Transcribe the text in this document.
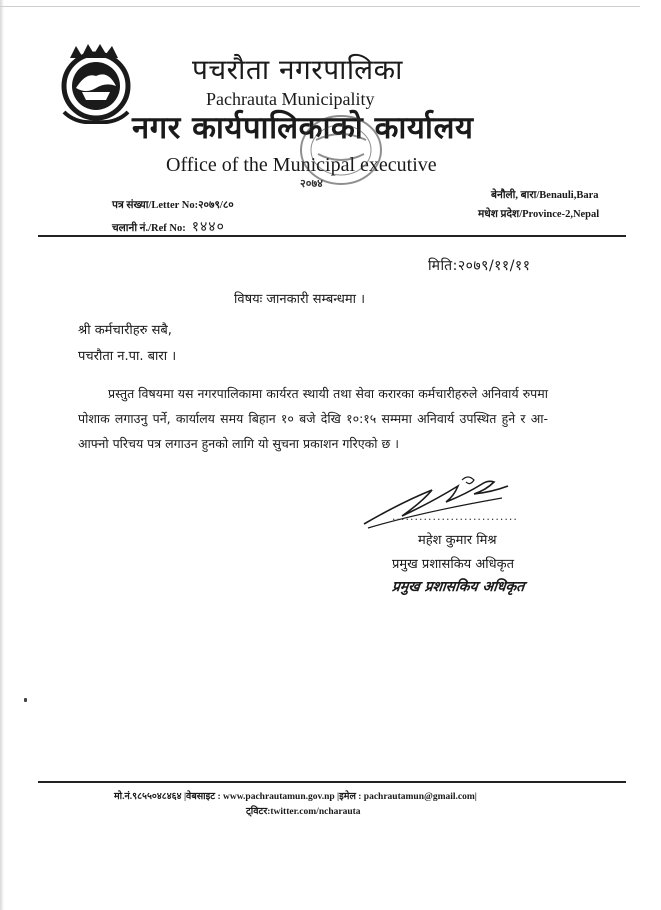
पचरौता नगरपालिका
Pachrauta Municipality
नगर कार्यपालिकाको कार्यालय
Office of the Municipal executive
२०७४
पत्र संख्या/Letter No:२०७९/८०
चलानी नं./Ref No: १४४०
बेनौली, बारा/Benauli,Bara
मधेश प्रदेश/Province-2,Nepal
मिति:२०७९/११/११
विषयः जानकारी सम्बन्धमा ।
श्री कर्मचारीहरु सबै,
पचरौता न.पा. बारा ।
प्रस्तुत विषयमा यस नगरपालिकामा कार्यरत स्थायी तथा सेवा करारका कर्मचारीहरुले अनिवार्य रुपमा पोशाक लगाउनु पर्ने, कार्यालय समय बिहान १० बजे देखि १०:१५ सम्ममा अनिवार्य उपस्थित हुने र आ-आफ्नो परिचय पत्र लगाउन हुनको लागि यो सुचना प्रकाशन गरिएको छ ।
............................
महेश कुमार मिश्र
प्रमुख प्रशासकिय अधिकृत
प्रमुख प्रशासकिय अधिकृत
मो.नं.९८५५०४८४६४ |वेबसाइट : www.pachrautamun.gov.np |इमेल : pachrautamun@gmail.com|
ट्विटर:twitter.com/ncharauta
